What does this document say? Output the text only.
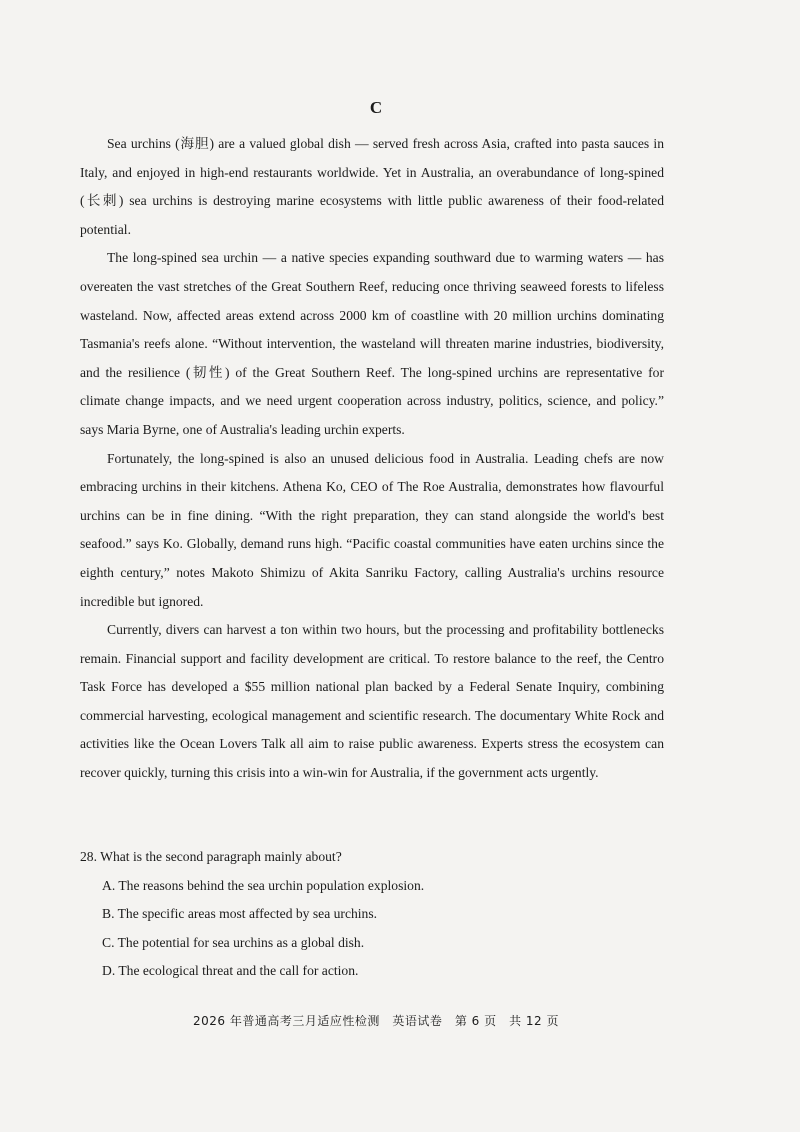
C

Sea urchins (海胆) are a valued global dish — served fresh across Asia, crafted into pasta sauces in Italy, and enjoyed in high-end restaurants worldwide. Yet in Australia, an overabundance of long-spined (长刺) sea urchins is destroying marine ecosystems with little public awareness of their food-related potential.

The long-spined sea urchin — a native species expanding southward due to warming waters — has overeaten the vast stretches of the Great Southern Reef, reducing once thriving seaweed forests to lifeless wasteland. Now, affected areas extend across 2000 km of coastline with 20 million urchins dominating Tasmania's reefs alone. “Without intervention, the wasteland will threaten marine industries, biodiversity, and the resilience (韧性) of the Great Southern Reef. The long-spined urchins are representative for climate change impacts, and we need urgent cooperation across industry, politics, science, and policy.” says Maria Byrne, one of Australia's leading urchin experts.

Fortunately, the long-spined is also an unused delicious food in Australia. Leading chefs are now embracing urchins in their kitchens. Athena Ko, CEO of The Roe Australia, demonstrates how flavourful urchins can be in fine dining. “With the right preparation, they can stand alongside the world's best seafood.” says Ko. Globally, demand runs high. “Pacific coastal communities have eaten urchins since the eighth century,” notes Makoto Shimizu of Akita Sanriku Factory, calling Australia's urchins resource incredible but ignored.

Currently, divers can harvest a ton within two hours, but the processing and profitability bottlenecks remain. Financial support and facility development are critical. To restore balance to the reef, the Centro Task Force has developed a $55 million national plan backed by a Federal Senate Inquiry, combining commercial harvesting, ecological management and scientific research. The documentary White Rock and activities like the Ocean Lovers Talk all aim to raise public awareness. Experts stress the ecosystem can recover quickly, turning this crisis into a win-win for Australia, if the government acts urgently.

28. What is the second paragraph mainly about?

A. The reasons behind the sea urchin population explosion.
B. The specific areas most affected by sea urchins.
C. The potential for sea urchins as a global dish.
D. The ecological threat and the call for action.
2026 年普通高考三月适应性检测　英语试卷　第 6 页　共 12 页
